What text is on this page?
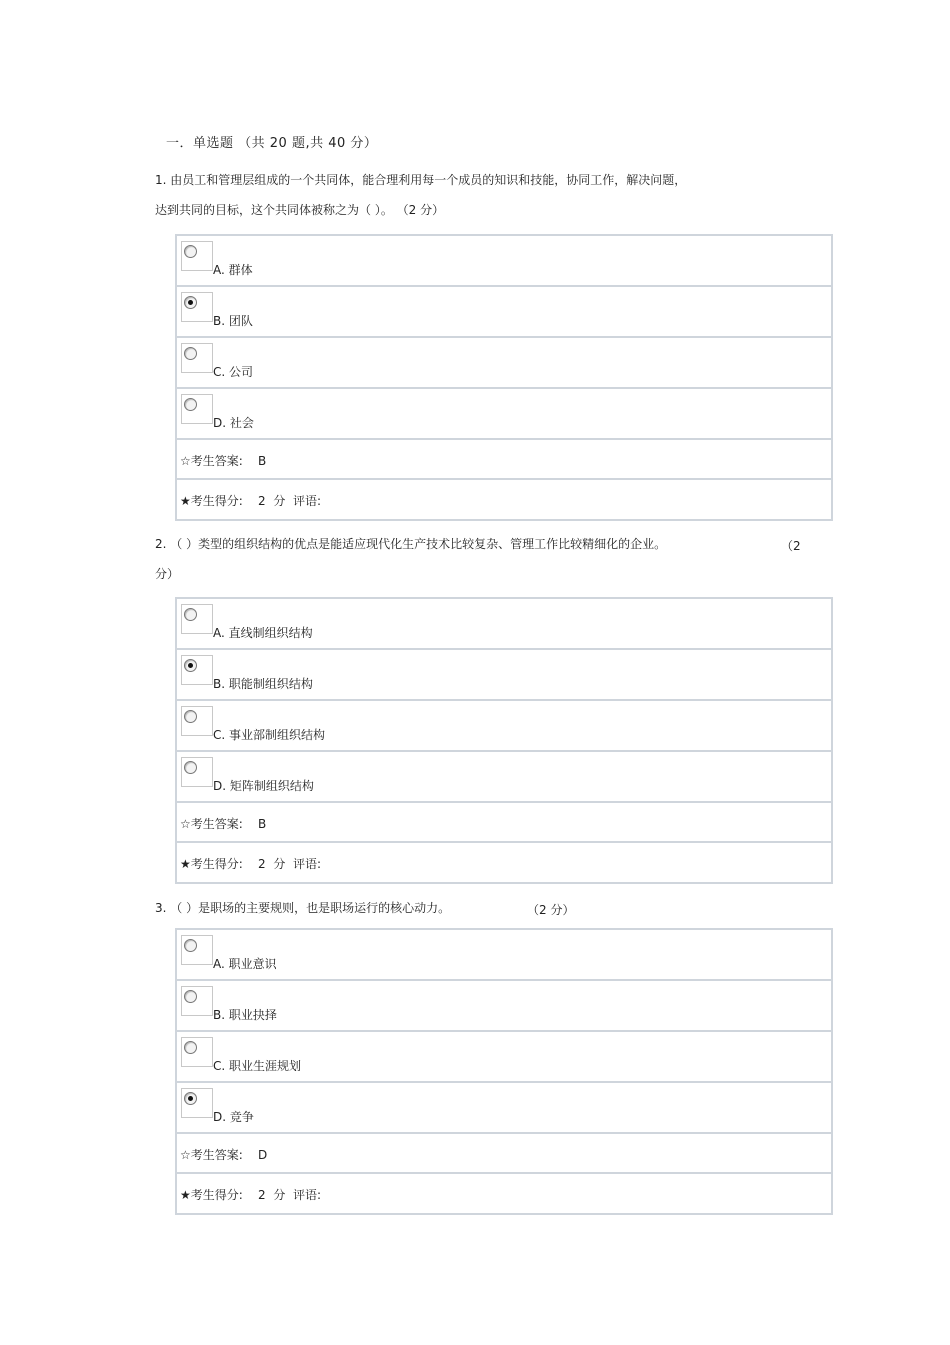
一．单选题 （共 20 题,共 40 分）
1. 由员工和管理层组成的一个共同体，能合理利用每一个成员的知识和技能，协同工作，解决问题，
达到共同的目标，这个共同体被称之为（ ）。 （2 分）
A. 群体
B. 团队
C. 公司
D. 社会
☆考生答案:    B
★考生得分:    2  分  评语:
2. （ ）类型的组织结构的优点是能适应现代化生产技术比较复杂、管理工作比较精细化的企业。
分）
（2
A. 直线制组织结构
B. 职能制组织结构
C. 事业部制组织结构
D. 矩阵制组织结构
☆考生答案:    B
★考生得分:    2  分  评语:
3. （ ）是职场的主要规则，也是职场运行的核心动力。	（2 分）
A. 职业意识
B. 职业抉择
C. 职业生涯规划
D. 竞争
☆考生答案:    D
★考生得分:    2  分  评语:
